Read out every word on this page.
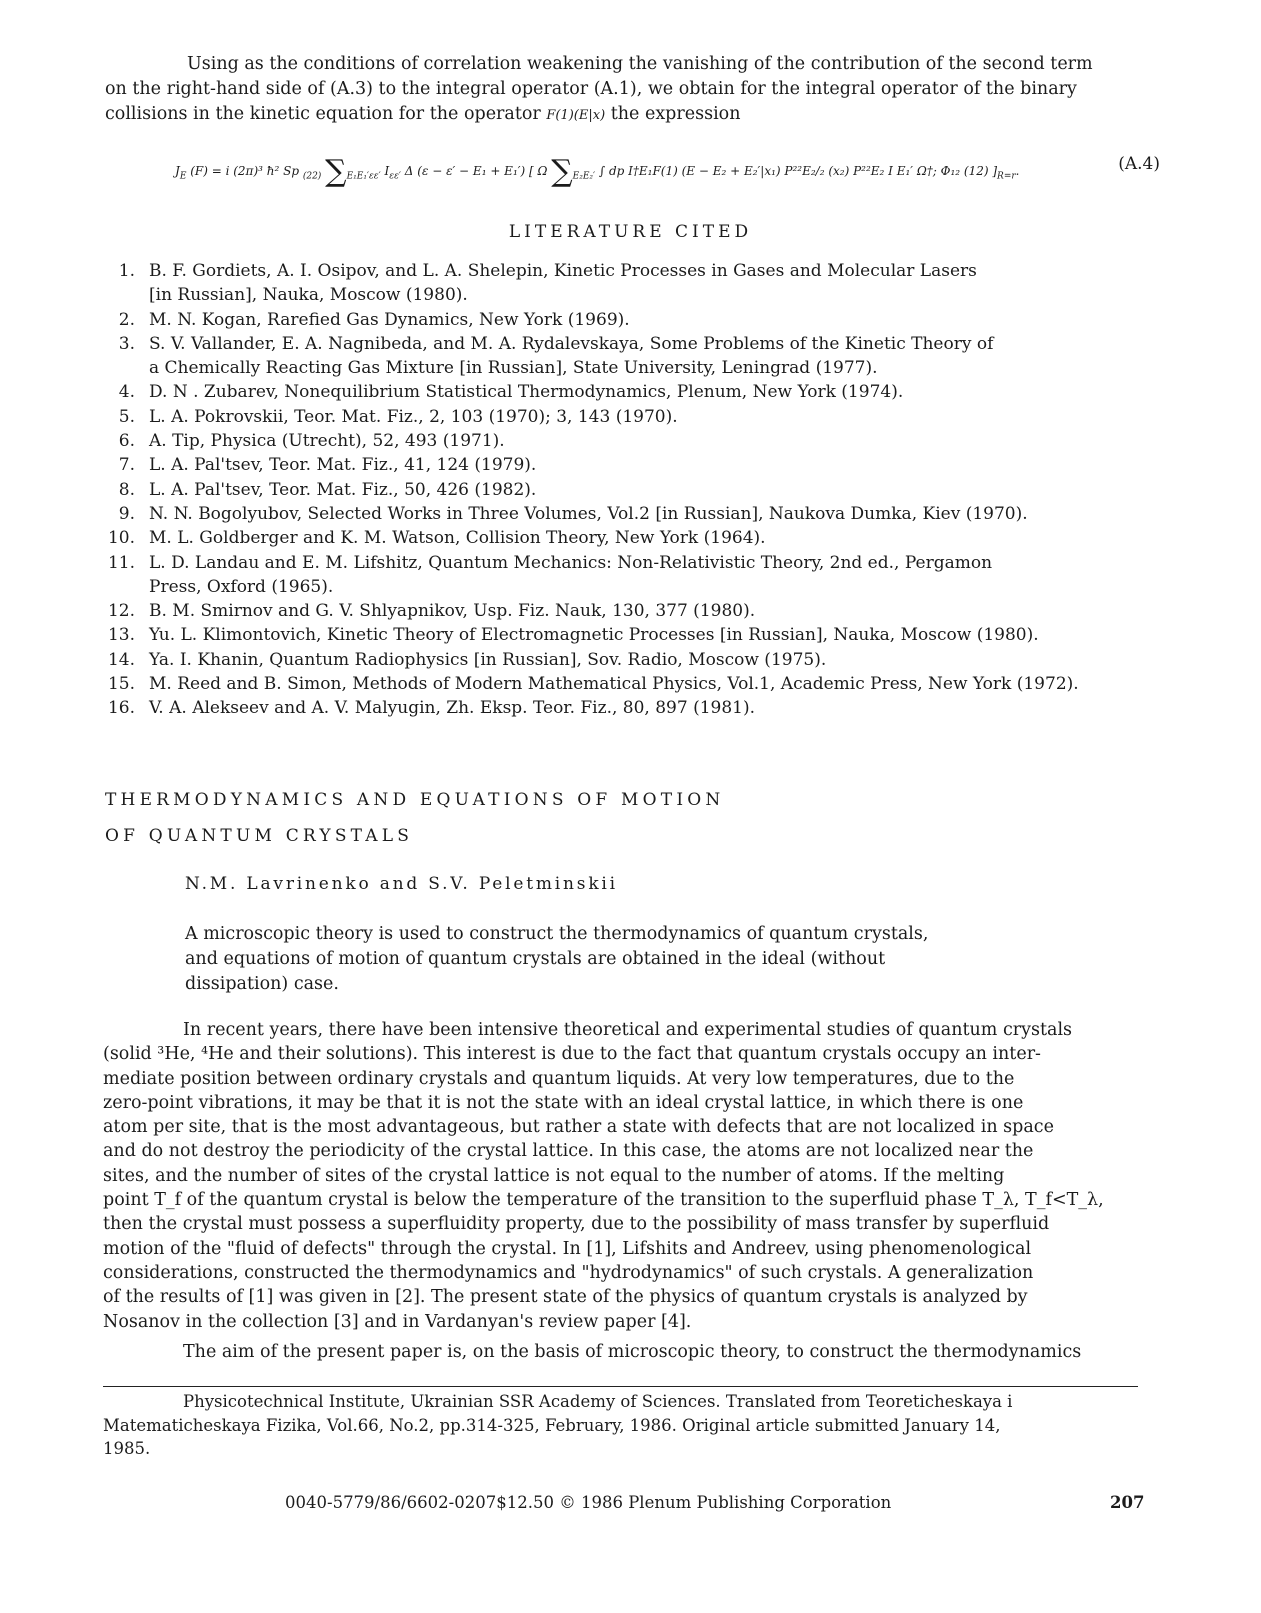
Using as the conditions of correlation weakening the vanishing of the contribution of the second term
on the right-hand side of (A.3) to the integral operator (A.1), we obtain for the integral operator of the binary
collisions in the kinetic equation for the operator F(1)(E|x) the expression
$J_E$ (F) = i (2π)³ ħ² Sp $_{(22)}$ $\sum_{E_1E_1'\varepsilon\varepsilon'}$ $I_{\varepsilon\varepsilon'}$ Δ (ε − ε′ − E₁ + E₁′) [ Ω $\sum_{E_2E_2'}$ ∫ dp I†E₁F(1) (E − E₂ + E₂′|x₁) P²²E₂/₂ (x₂) P²²E₂ I E₁′ Ω†; Φ₁₂ (12) ]$_{R=r}$.	(A.4)
LITERATURE CITED
1. B. F. Gordiets, A. I. Osipov, and L. A. Shelepin, Kinetic Processes in Gases and Molecular Lasers
[in Russian], Nauka, Moscow (1980).
2. M. N. Kogan, Rarefied Gas Dynamics, New York (1969).
3. S. V. Vallander, E. A. Nagnibeda, and M. A. Rydalevskaya, Some Problems of the Kinetic Theory of
a Chemically Reacting Gas Mixture [in Russian], State University, Leningrad (1977).
4. D. N . Zubarev, Nonequilibrium Statistical Thermodynamics, Plenum, New York (1974).
5. L. A. Pokrovskii, Teor. Mat. Fiz., 2, 103 (1970); 3, 143 (1970).
6. A. Tip, Physica (Utrecht), 52, 493 (1971).
7. L. A. Pal'tsev, Teor. Mat. Fiz., 41, 124 (1979).
8. L. A. Pal'tsev, Teor. Mat. Fiz., 50, 426 (1982).
9. N. N. Bogolyubov, Selected Works in Three Volumes, Vol.2 [in Russian], Naukova Dumka, Kiev (1970).
10. M. L. Goldberger and K. M. Watson, Collision Theory, New York (1964).
11. L. D. Landau and E. M. Lifshitz, Quantum Mechanics: Non-Relativistic Theory, 2nd ed., Pergamon
Press, Oxford (1965).
12. B. M. Smirnov and G. V. Shlyapnikov, Usp. Fiz. Nauk, 130, 377 (1980).
13. Yu. L. Klimontovich, Kinetic Theory of Electromagnetic Processes [in Russian], Nauka, Moscow (1980).
14. Ya. I. Khanin, Quantum Radiophysics [in Russian], Sov. Radio, Moscow (1975).
15. M. Reed and B. Simon, Methods of Modern Mathematical Physics, Vol.1, Academic Press, New York (1972).
16. V. A. Alekseev and A. V. Malyugin, Zh. Eksp. Teor. Fiz., 80, 897 (1981).
THERMODYNAMICS AND EQUATIONS OF MOTION
OF QUANTUM CRYSTALS
N.M. Lavrinenko and S.V. Peletminskii
A microscopic theory is used to construct the thermodynamics of quantum crystals,
and equations of motion of quantum crystals are obtained in the ideal (without
dissipation) case.
In recent years, there have been intensive theoretical and experimental studies of quantum crystals
(solid ³He, ⁴He and their solutions). This interest is due to the fact that quantum crystals occupy an inter-
mediate position between ordinary crystals and quantum liquids. At very low temperatures, due to the
zero-point vibrations, it may be that it is not the state with an ideal crystal lattice, in which there is one
atom per site, that is the most advantageous, but rather a state with defects that are not localized in space
and do not destroy the periodicity of the crystal lattice. In this case, the atoms are not localized near the
sites, and the number of sites of the crystal lattice is not equal to the number of atoms. If the melting
point T_f of the quantum crystal is below the temperature of the transition to the superfluid phase T_λ, T_f<T_λ,
then the crystal must possess a superfluidity property, due to the possibility of mass transfer by superfluid
motion of the "fluid of defects" through the crystal. In [1], Lifshits and Andreev, using phenomenological
considerations, constructed the thermodynamics and "hydrodynamics" of such crystals. A generalization
of the results of [1] was given in [2]. The present state of the physics of quantum crystals is analyzed by
Nosanov in the collection [3] and in Vardanyan's review paper [4].
The aim of the present paper is, on the basis of microscopic theory, to construct the thermodynamics
Physicotechnical Institute, Ukrainian SSR Academy of Sciences. Translated from Teoreticheskaya i
Matematicheskaya Fizika, Vol.66, No.2, pp.314-325, February, 1986. Original article submitted January 14,
1985.
0040-5779/86/6602-0207$12.50 © 1986 Plenum Publishing Corporation	207
